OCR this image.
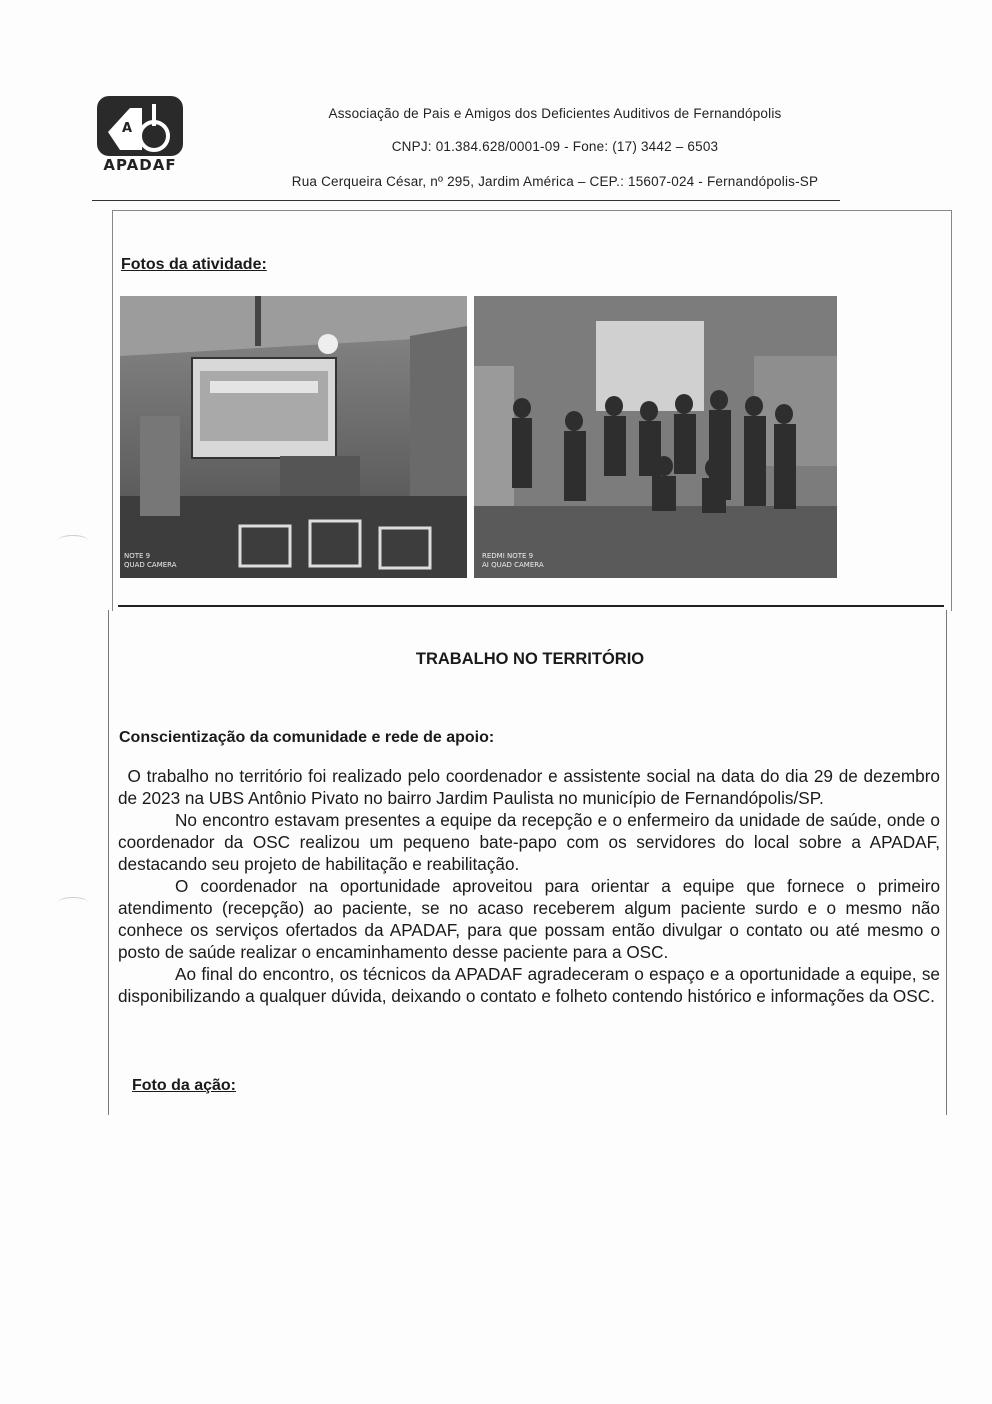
A
APADAF
Associação de Pais e Amigos dos Deficientes Auditivos de Fernandópolis
CNPJ: 01.384.628/0001-09 - Fone: (17) 3442 – 6503
Rua Cerqueira César, nº 295, Jardim América – CEP.: 15607-024 - Fernandópolis-SP
Fotos da atividade:
NOTE 9
QUAD CAMERA
REDMI NOTE 9
AI QUAD CAMERA
TRABALHO NO TERRITÓRIO
Conscientização da comunidade e rede de apoio:

O trabalho no território foi realizado pelo coordenador e assistente social na data do dia 29 de dezembro de 2023 na UBS Antônio Pivato no bairro Jardim Paulista no município de Fernandópolis/SP.

No encontro estavam presentes a equipe da recepção e o enfermeiro da unidade de saúde, onde o coordenador da OSC realizou um pequeno bate-papo com os servidores do local sobre a APADAF, destacando seu projeto de habilitação e reabilitação.

O coordenador na oportunidade aproveitou para orientar a equipe que fornece o primeiro atendimento (recepção) ao paciente, se no acaso receberem algum paciente surdo e o mesmo não conhece os serviços ofertados da APADAF, para que possam então divulgar o contato ou até mesmo o posto de saúde realizar o encaminhamento desse paciente para a OSC.

Ao final do encontro, os técnicos da APADAF agradeceram o espaço e a oportunidade a equipe, se disponibilizando a qualquer dúvida, deixando o contato e folheto contendo histórico e informações da OSC.

Foto da ação:
